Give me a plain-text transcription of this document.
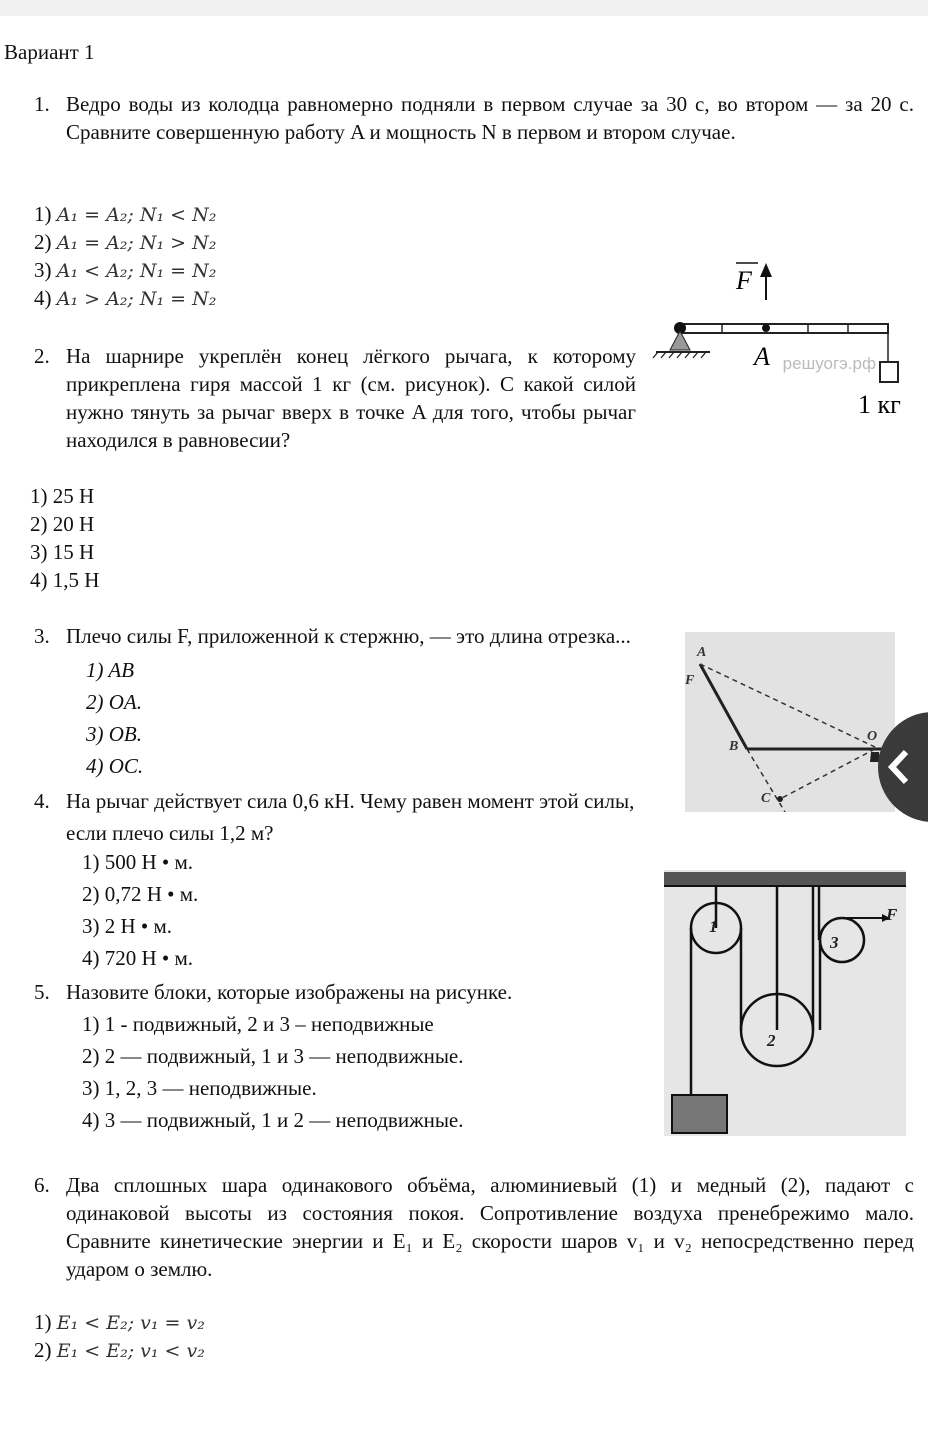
Вариант 1
1. Ведро воды из колодца равномерно подняли в первом случае за 30 с, во втором — за 20 с. Сравните совершенную работу A и мощность N в первом и втором случае.
1) A₁ = A₂; N₁ < N₂
2) A₁ = A₂; N₁ > N₂
3) A₁ < A₂; N₁ = N₂
4) A₁ > A₂; N₁ = N₂
2. На шарнире укреплён конец лёгкого рычага, к которому прикреплена гиря массой 1 кг (см. рисунок). С какой силой нужно тянуть за рычаг вверх в точке A для того, чтобы рычаг находился в равновесии?
F
A решуогэ.рф
1 кг
1) 25 Н
2) 20 Н
3) 15 Н
4) 1,5 Н
A
F
B
O
C
3. Плечо силы F, приложенной к стержню, — это длина отрезка...
1) AB
2) OA.
3) OB.
4) OC.
4. На рычаг действует сила 0,6 кН. Чему равен момент этой силы, если плечо силы 1,2 м?
1) 500 Н • м.
2) 0,72 Н • м.
3) 2 Н • м.
4) 720 Н • м.
1
2
3
F
5. Назовите блоки, которые изображены на рисунке.
1) 1 - подвижный, 2 и 3 – неподвижные
2) 2 — подвижный, 1 и 3 — неподвижные.
3) 1, 2, 3 — неподвижные.
4) 3 — подвижный, 1 и 2 — неподвижные.
6. Два сплошных шара одинакового объёма, алюминиевый (1) и медный (2), падают с одинаковой высоты из состояния покоя. Сопротивление воздуха пренебрежимо мало. Сравните кинетические энергии и E₁ и E₂ скорости шаров v₁ и v₂ непосредственно перед ударом о землю.
1) E₁ < E₂; v₁ = v₂
2) E₁ < E₂; v₁ < v₂
